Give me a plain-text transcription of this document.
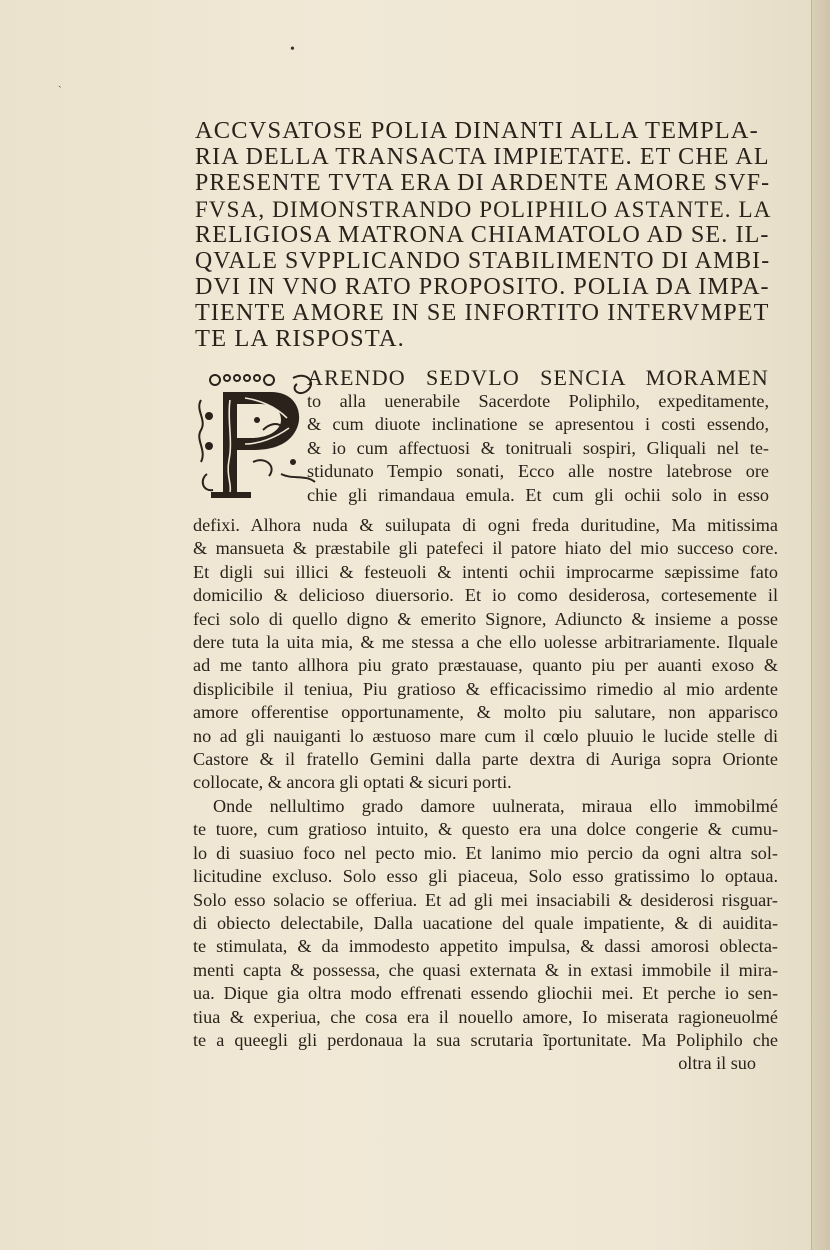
•
ˏ
ACCVSATOSE POLIA DINANTI ALLA TEMPLA-
RIA DELLA TRANSACTA IMPIETATE. ET CHE AL
PRESENTE TVTA ERA DI ARDENTE AMORE SVF-
FVSA, DIMONSTRANDO POLIPHILO ASTANTE. LA
RELIGIOSA MATRONA CHIAMATOLO AD SE. IL-
QVALE SVPPLICANDO STABILIMENTO DI AMBI-
DVI IN VNO RATO PROPOSITO. POLIA DA IMPA-
TIENTE AMORE IN SE INFORTITO INTERVMPET
TE LA RISPOSTA.
ARENDO SEDVLO SENCIA MORAMEN
to alla uenerabile Sacerdote Poliphilo, expeditamente,
& cum diuote inclinatione se apresentou i costi essendo,
& io cum affectuosi & tonitruali sospiri, Gliquali nel te-
stidunato Tempio sonati, Ecco alle nostre latebrose ore
chie gli rimandaua emula. Et cum gli ochii solo in esso
defixi. Alhora nuda & suilupata di ogni freda duritudine, Ma mitissima
& mansueta & præstabile gli patefeci il patore hiato del mio succeso core.
Et digli sui illici & festeuoli & intenti ochii improcarme sæpissime fato
domicilio & delicioso diuersorio. Et io como desiderosa, cortesemente il
feci solo di quello digno & emerito Signore, Adiuncto & insieme a posse
dere tuta la uita mia, & me stessa a che ello uolesse arbitrariamente. Ilquale
ad me tanto allhora piu grato præstauase, quanto piu per auanti exoso &
displicibile il teniua, Piu gratioso & efficacissimo rimedio al mio ardente
amore offerentise opportunamente, & molto piu salutare, non apparisco
no ad gli nauiganti lo æstuoso mare cum il cœlo pluuio le lucide stelle di
Castore & il fratello Gemini dalla parte dextra di Auriga sopra Orionte
collocate, & ancora gli optati & sicuri porti.
Onde nellultimo grado damore uulnerata, miraua ello immobilmé
te tuore, cum gratioso intuito, & questo era una dolce congerie & cumu-
lo di suasiuo foco nel pecto mio. Et lanimo mio percio da ogni altra sol-
licitudine excluso. Solo esso gli piaceua, Solo esso gratissimo lo optaua.
Solo esso solacio se offeriua. Et ad gli mei insaciabili & desiderosi risguar-
di obiecto delectabile, Dalla uacatione del quale impatiente, & di auidita-
te stimulata, & da immodesto appetito impulsa, & dassi amorosi oblecta-
menti capta & possessa, che quasi externata & in extasi immobile il mira-
ua. Dique gia oltra modo effrenati essendo gliochii mei. Et perche io sen-
tiua & experiua, che cosa era il nouello amore, Io miserata ragioneuolmé
te a queegli gli perdonaua la sua scrutaria ĩportunitate. Ma Poliphilo che
oltra il suo
